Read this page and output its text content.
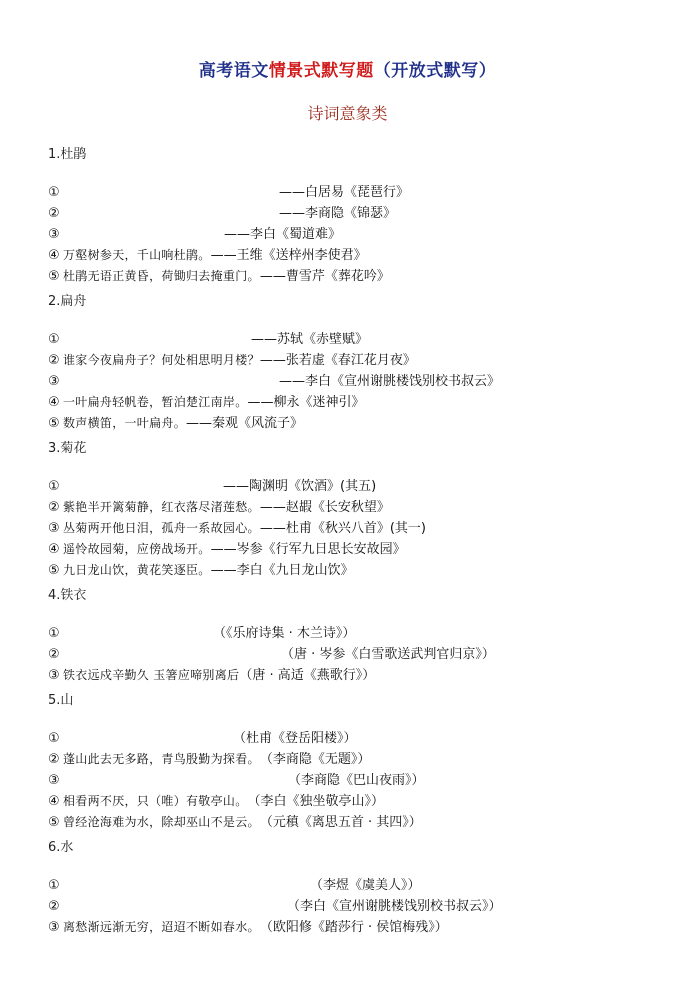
高考语文情景式默写题（开放式默写）
诗词意象类
1.杜鹃
①	——白居易《琵琶行》
②	——李商隐《锦瑟》
③	——李白《蜀道难》
④ 万壑树参天，千山响杜鹃。——王维《送梓州李使君》
⑤ 杜鹃无语正黄昏，荷锄归去掩重门。——曹雪芹《葬花吟》
2.扁舟
①	——苏轼《赤壁赋》
② 谁家今夜扁舟子？何处相思明月楼？——张若虚《春江花月夜》
③	——李白《宣州谢朓楼饯别校书叔云》
④ 一叶扁舟轻帆卷，暂泊楚江南岸。——柳永《迷神引》
⑤ 数声横笛，一叶扁舟。——秦观《风流子》
3.菊花
①	——陶渊明《饮酒》(其五)
② 紫艳半开篱菊静，红衣落尽渚莲愁。——赵嘏《长安秋望》
③ 丛菊两开他日泪，孤舟一系故园心。——杜甫《秋兴八首》(其一)
④ 遥怜故园菊，应傍战场开。——岑参《行军九日思长安故园》
⑤ 九日龙山饮，黄花笑逐臣。——李白《九日龙山饮》
4.铁衣
①	（《乐府诗集 · 木兰诗》）
②	（唐 · 岑参《白雪歌送武判官归京》）
③ 铁衣远戍辛勤久 玉箸应啼别离后（唐 · 高适《燕歌行》）
5.山
①	（杜甫《登岳阳楼》）
② 蓬山此去无多路，青鸟殷勤为探看。（李商隐《无题》）
③	（李商隐《巴山夜雨》）
④ 相看两不厌，只（唯）有敬亭山。（李白《独坐敬亭山》）
⑤ 曾经沧海难为水，除却巫山不是云。（元稹《离思五首 · 其四》）
6.水
①	（李煜《虞美人》）
②	（李白《宣州谢朓楼饯别校书叔云》）
③ 离愁渐远渐无穷，迢迢不断如春水。（欧阳修《踏莎行 · 侯馆梅残》）
